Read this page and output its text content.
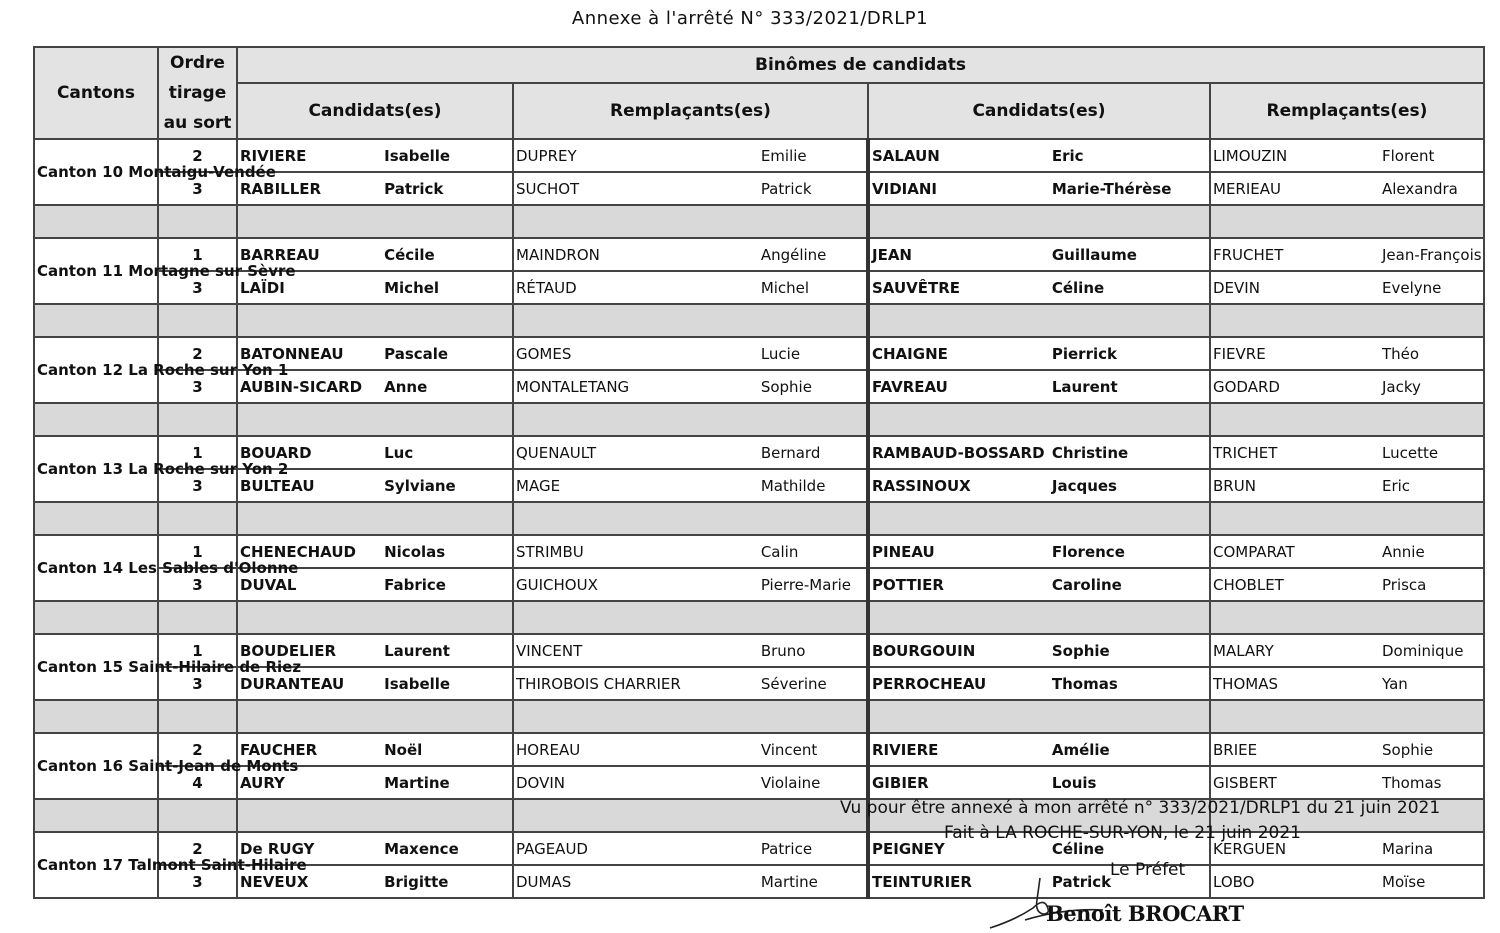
Annexe à l'arrêté N° 333/2021/DRLP1
Cantons	Ordre tirage au sort	Binômes de candidats			
		Candidats(es)	Remplaçants(es)	Candidats(es)	Remplaçants(es)
Canton 10 Montaigu-Vendée	2	RIVIERE Isabelle	DUPREY Emilie	SALAUN Eric	LIMOUZIN Florent

	3	RABILLER Patrick	SUCHOT Patrick	VIDIANI Marie-Thérèse	MERIEAU Alexandra

Canton 11 Mortagne sur Sèvre	1	BARREAU Cécile	MAINDRON Angéline	JEAN Guillaume	FRUCHET Jean-François

	3	LAÏDI Michel	RÉTAUD Michel	SAUVÊTRE Céline	DEVIN Evelyne

Canton 12 La Roche sur Yon 1	2	BATONNEAU Pascale	GOMES Lucie	CHAIGNE Pierrick	FIEVRE Théo

	3	AUBIN-SICARD Anne	MONTALETANG Sophie	FAVREAU Laurent	GODARD Jacky

Canton 13 La Roche sur Yon 2	1	BOUARD Luc	QUENAULT Bernard	RAMBAUD-BOSSARD Christine	TRICHET Lucette

	3	BULTEAU Sylviane	MAGE Mathilde	RASSINOUX Jacques	BRUN Eric

Canton 14 Les Sables d'Olonne	1	CHENECHAUD Nicolas	STRIMBU Calin	PINEAU Florence	COMPARAT Annie

	3	DUVAL Fabrice	GUICHOUX Pierre-Marie	POTTIER Caroline	CHOBLET Prisca

Canton 15 Saint-Hilaire de Riez	1	BOUDELIER Laurent	VINCENT Bruno	BOURGOUIN Sophie	MALARY Dominique

	3	DURANTEAU Isabelle	THIROBOIS CHARRIER Séverine	PERROCHEAU Thomas	THOMAS Yan

Canton 16 Saint-Jean de Monts	2	FAUCHER Noël	HOREAU Vincent	RIVIERE Amélie	BRIEE Sophie

	4	AURY Martine	DOVIN Violaine	GIBIER Louis	GISBERT Thomas

Canton 17 Talmont Saint-Hilaire	2	De RUGY Maxence	PAGEAUD Patrice	PEIGNEY Céline	KERGUEN Marina

	3	NEVEUX Brigitte	DUMAS Martine	TEINTURIER Patrick	LOBO Moïse
Vu pour être annexé à mon arrêté n° 333/2021/DRLP1 du 21 juin 2021
Fait à LA ROCHE-SUR-YON, le 21 juin 2021
Le Préfet
Benoît BROCART
